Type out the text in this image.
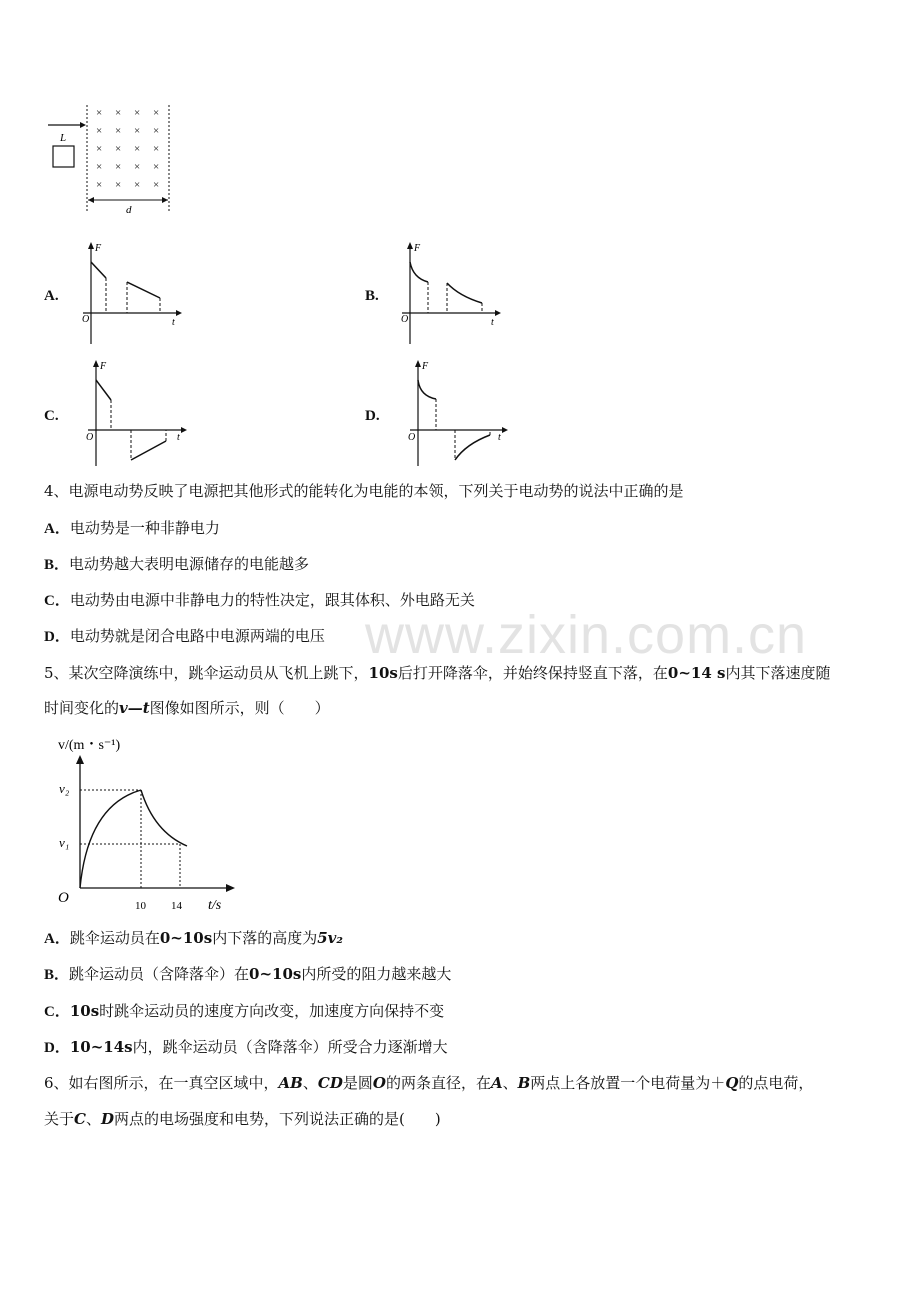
www.zixin.com.cn
L
× × × ×
× × × ×
× × × ×
× × × ×
× × × ×
d
A.	B.
C.	D.
F
t
O
F
t
O
F
t
O
F
t
O
4、电源电动势反映了电源把其他形式的能转化为电能的本领，下列关于电动势的说法中正确的是
A．电动势是一种非静电力
B．电动势越大表明电源储存的电能越多
C．电动势由电源中非静电力的特性决定，跟其体积、外电路无关
D．电动势就是闭合电路中电源两端的电压
5、某次空降演练中，跳伞运动员从飞机上跳下，10s后打开降落伞，并始终保持竖直下落，在0~14 s内其下落速度随
时间变化的v—t图像如图所示，则（　　）
v/(m・s⁻¹)
v₂
v₁
O	10 14 t/s
A．跳伞运动员在0~10s内下落的高度为5v₂
B．跳伞运动员（含降落伞）在0~10s内所受的阻力越来越大
C．10s时跳伞运动员的速度方向改变，加速度方向保持不变
D．10~14s内，跳伞运动员（含降落伞）所受合力逐渐增大
6、如右图所示，在一真空区域中，AB、CD是圆O的两条直径，在A、B两点上各放置一个电荷量为＋Q的点电荷，
关于C、D两点的电场强度和电势，下列说法正确的是(　　)
